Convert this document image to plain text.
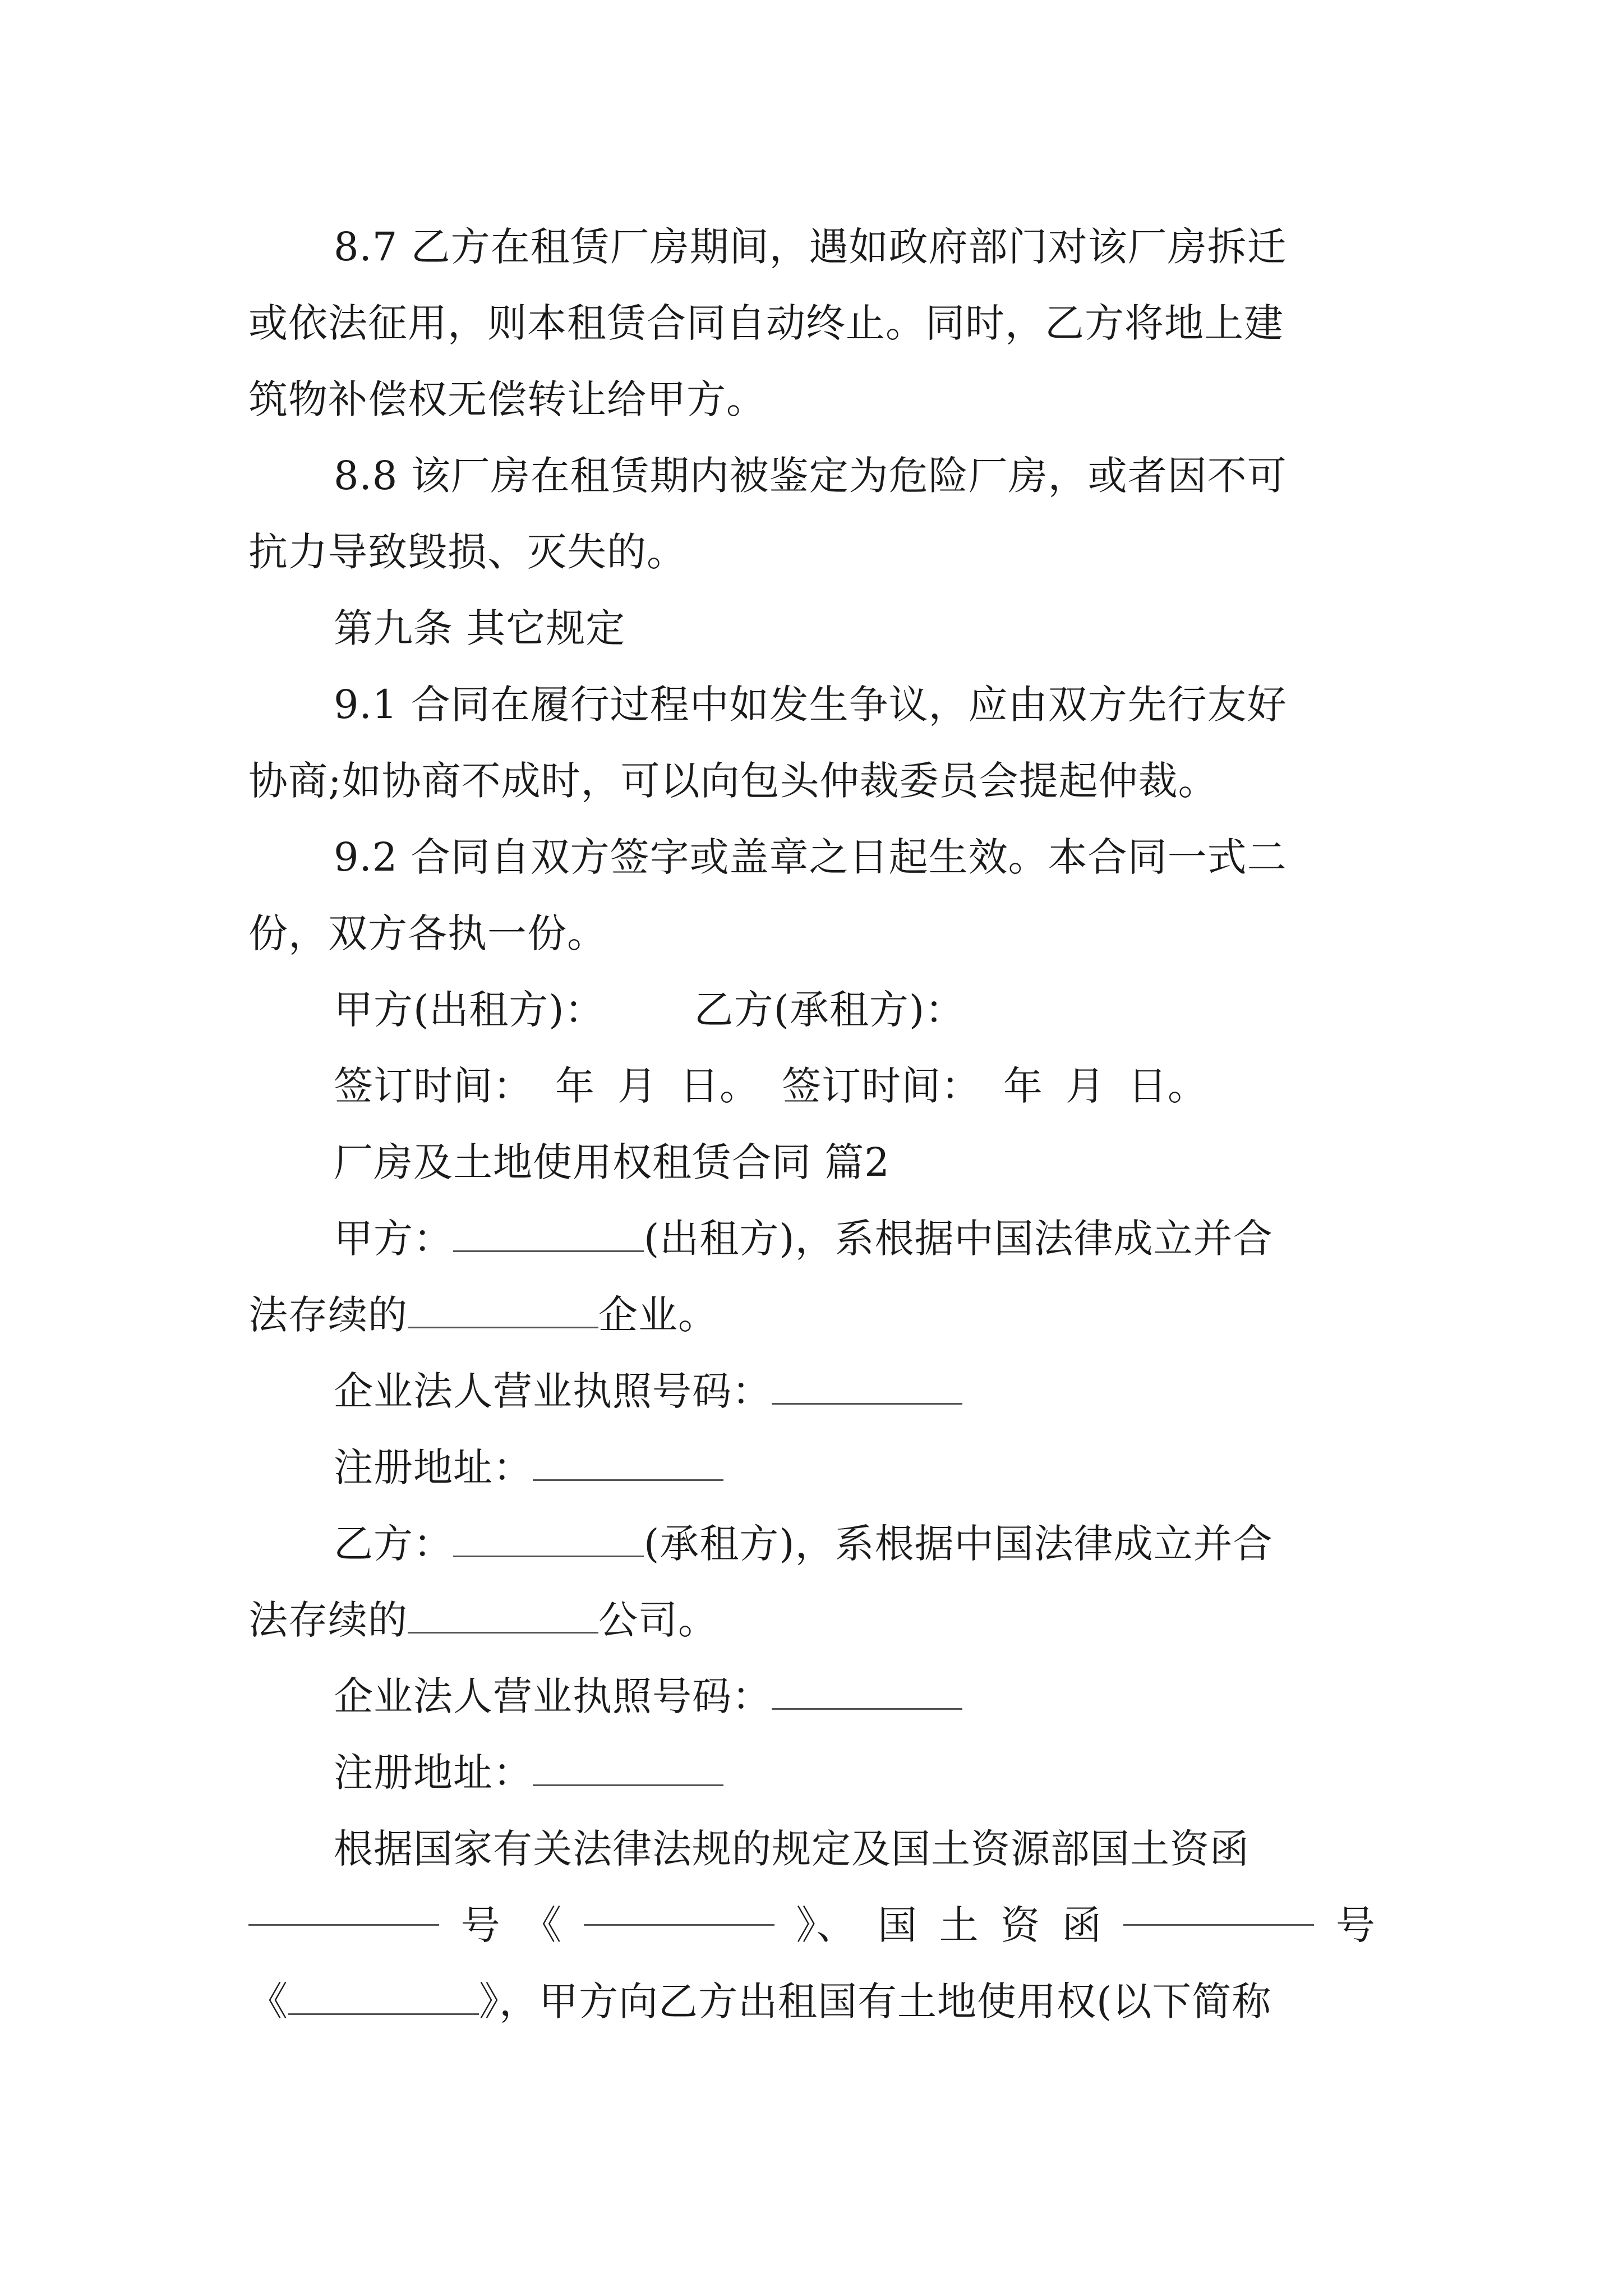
8.7 乙方在租赁厂房期间，遇如政府部门对该厂房拆迁
或依法征用，则本租赁合同自动终止。同时，乙方将地上建
筑物补偿权无偿转让给甲方。
8.8 该厂房在租赁期内被鉴定为危险厂房，或者因不可
抗力导致毁损、灭失的。
第九条 其它规定
9.1 合同在履行过程中如发生争议，应由双方先行友好
协商;如协商不成时，可以向包头仲裁委员会提起仲裁。
9.2 合同自双方签字或盖章之日起生效。本合同一式二
份，双方各执一份。
甲方(出租方)： 乙方(承租方)：
签订时间： 年 月 日。 签订时间： 年 月 日。
厂房及土地使用权租赁合同 篇2
甲方：	(出租方)，系根据中国法律成立并合
法存续的	企业。
企业法人营业执照号码：
注册地址：
乙方：	(承租方)，系根据中国法律成立并合
法存续的	公司。
企业法人营业执照号码：
注册地址：
根据国家有关法律法规的规定及国土资源部国土资函
号 《	》、 国 土 资 函	号
《	》，甲方向乙方出租国有土地使用权(以下简称
